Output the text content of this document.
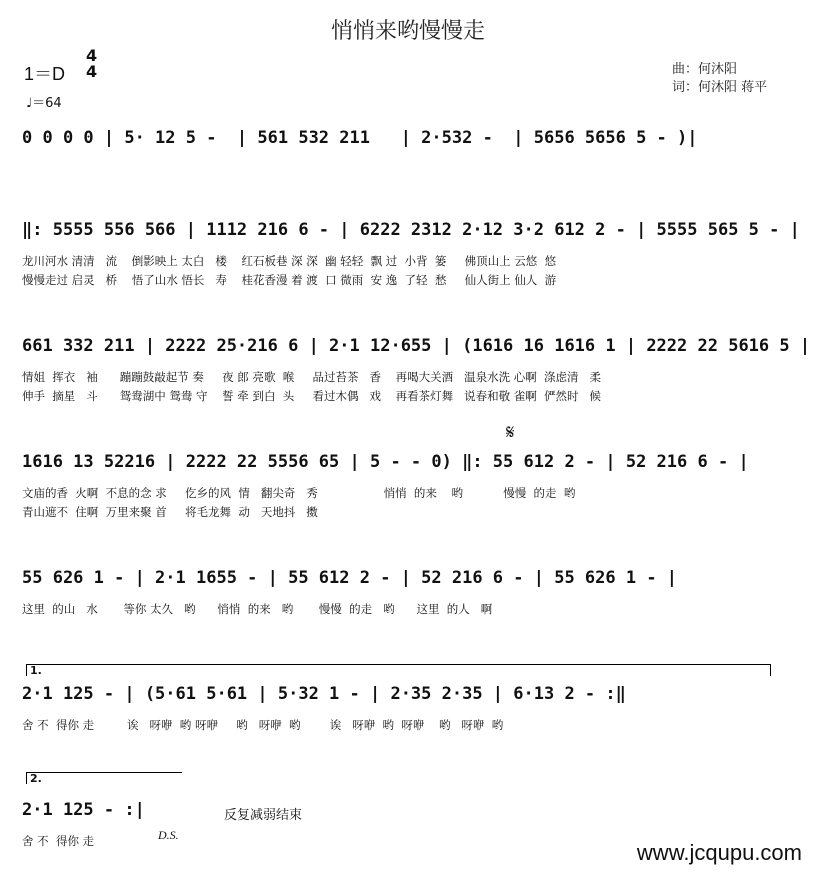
悄悄来哟慢慢走
曲：何沐阳
词：何沐阳 蒋平
1＝D
4
4
♩＝64
0 0 0 0 | 5· 12 5 -  | 561 532 211   | 2·532 -  | 5656 5656 5 - )|
‖: 5555 556 566 | 1112 216 6 - | 6222 2312 2·12 3·2 612 2 - | 5555 565 5 - |
龙川河水 清清   流    倒影映上 太白   楼    红石板巷 深 深  幽 轻轻  飘 过  小背  篓     佛顶山上 云悠  悠
慢慢走过 启灵   桥    悟了山水 悟长   寿    桂花香漫 着 渡  口 微雨  安 逸  了轻  愁     仙人街上 仙人  游
661 332 211 | 2222 25·216 6 | 2·1 12·655 | (1616 16 1616 1 | 2222 22 5616 5 |
情姐  挥衣   袖      蹦蹦鼓敲起节 奏     夜 郎 亮歌  喉     品过苔茶   香    再喝大关酒   温泉水洗 心啊  涤虑清   柔
伸手  摘星   斗      鸳鸯湖中 鸳鸯 守    誓 牵 到白  头     看过木偶   戏    再看茶灯舞   说春和敬 雀啊  俨然时   候
𝄋
1616 13 52216 | 2222 22 5556 65 | 5 - - 0) ‖: 55 612 2 - | 52 216 6 - |
文庙的香  火啊  不息的念 求     仡乡的风  情   翻尖奇   秀                  悄悄  的来    哟           慢慢  的走  哟
青山遮不  住啊  万里来聚 首     将毛龙舞  动   天地抖   擞
55 626 1 - | 2·1 1655 - | 55 612 2 - | 52 216 6 - | 55 626 1 - |
这里  的山   水       等你 太久   哟      悄悄  的来   哟       慢慢  的走   哟      这里  的人   啊
1.
2·1 125 - | (5·61 5·61 | 5·32 1 - | 2·35 2·35 | 6·13 2 - :‖
舍 不  得你 走         诶   呀咿  哟 呀咿     哟   呀咿  哟        诶   呀咿  哟  呀咿    哟   呀咿  哟
2.
2·1 125 - :|
舍 不  得你 走	D.S.
反复减弱结束
www.jcqupu.com
